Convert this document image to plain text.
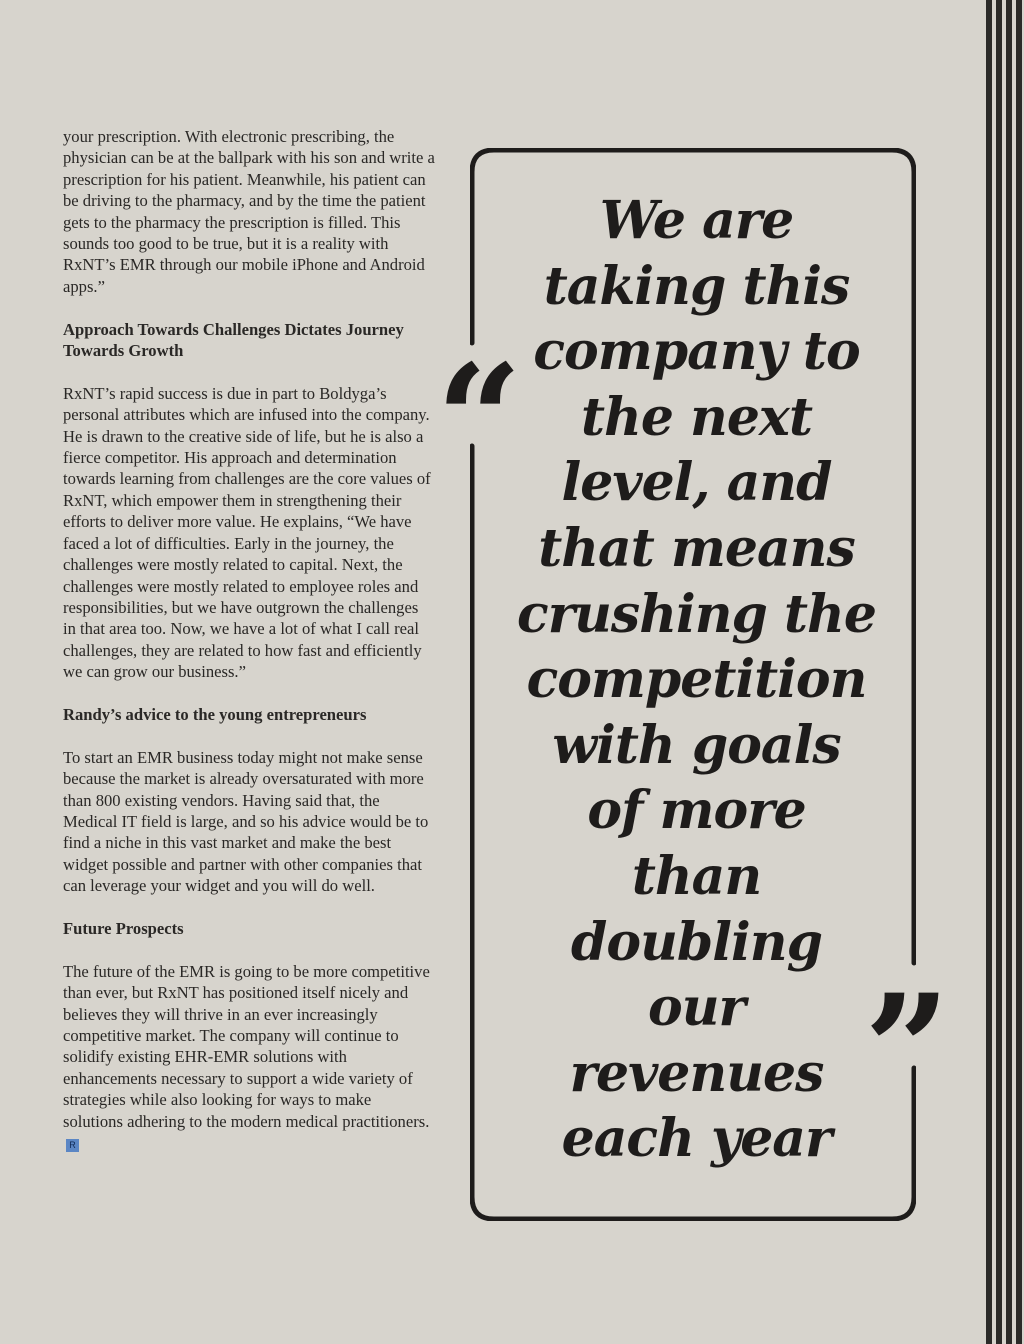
your prescription. With electronic prescribing, the physician can be at the ballpark with his son and write a prescription for his patient. Meanwhile, his patient can be driving to the pharmacy, and by the time the patient gets to the pharmacy the prescription is filled. This sounds too good to be true, but it is a reality with RxNT’s EMR through our mobile iPhone and Android apps.”

Approach Towards Challenges Dictates Journey Towards Growth

RxNT’s rapid success is due in part to Boldyga’s personal attributes which are infused into the company. He is drawn to the creative side of life, but he is also a fierce competitor. His approach and determination towards learning from challenges are the core values of RxNT, which empower them in strengthening their efforts to deliver more value. He explains, “We have faced a lot of difficulties. Early in the journey, the challenges were mostly related to capital. Next, the challenges were mostly related to employee roles and responsibilities, but we have outgrown the challenges in that area too. Now, we have a lot of what I call real challenges, they are related to how fast and efficiently we can grow our business.”

Randy’s advice to the young entrepreneurs

To start an EMR business today might not make sense because the market is already oversaturated with more than 800 existing vendors. Having said that, the Medical IT field is large, and so his advice would be to find a niche in this vast market and make the best widget possible and partner with other companies that can leverage your widget and you will do well.

Future Prospects

The future of the EMR is going to be more competitive than ever, but RxNT has positioned itself nicely and believes they will thrive in an ever increasingly competitive market. The company will continue to solidify existing EHR-EMR solutions with enhancements necessary to support a wide variety of strategies while also looking for ways to make solutions adhering to the modern medical practitioners.R

We are
taking this
company to
the next
level, and
that means
crushing the
competition
with goals
of more
than
doubling
our
revenues
each year
“
”
